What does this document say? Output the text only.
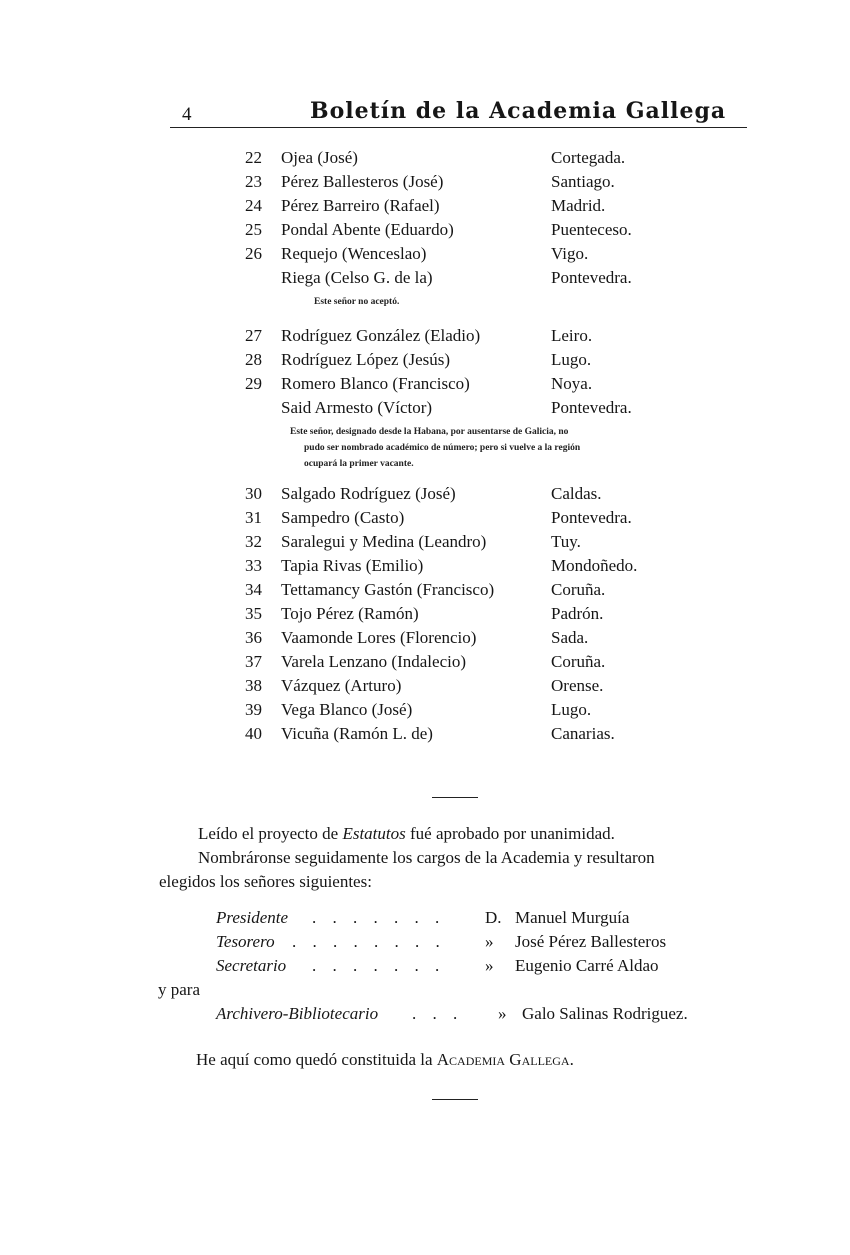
4	Boletín de la Academia Gallega
22 Ojea (José)	Cortegada.
23 Pérez Ballesteros (José)	Santiago.
24 Pérez Barreiro (Rafael)	Madrid.
25 Pondal Abente (Eduardo)	Puenteceso.
26 Requejo (Wenceslao)	Vigo.
Riega (Celso G. de la)	Pontevedra.
Este señor no aceptó.
27 Rodríguez González (Eladio)	Leiro.
28 Rodríguez López (Jesús)	Lugo.
29 Romero Blanco (Francisco)	Noya.
Said Armesto (Víctor)	Pontevedra.
Este señor, designado desde la Habana, por ausentarse de Galicia, no
pudo ser nombrado académico de número; pero si vuelve a la región
ocupará la primer vacante.
30 Salgado Rodríguez (José)	Caldas.
31 Sampedro (Casto)	Pontevedra.
32 Saralegui y Medina (Leandro)	Tuy.
33 Tapia Rivas (Emilio)	Mondoñedo.
34 Tettamancy Gastón (Francisco)	Coruña.
35 Tojo Pérez (Ramón)	Padrón.
36 Vaamonde Lores (Florencio)	Sada.
37 Varela Lenzano (Indalecio)	Coruña.
38 Vázquez (Arturo)	Orense.
39 Vega Blanco (José)	Lugo.
40 Vicuña (Ramón L. de)	Canarias.
Leído el proyecto de Estatutos fué aprobado por unanimidad.
Nombráronse seguidamente los cargos de la Academia y resultaron
elegidos los señores siguientes:
Presidente . . . . . . . D. Manuel Murguía
Tesorero . . . . . . . . » José Pérez Ballesteros
Secretario . . . . . . . » Eugenio Carré Aldao
y para
Archivero-Bibliotecario . . . » Galo Salinas Rodriguez.
He aquí como quedó constituida la Academia Gallega.
